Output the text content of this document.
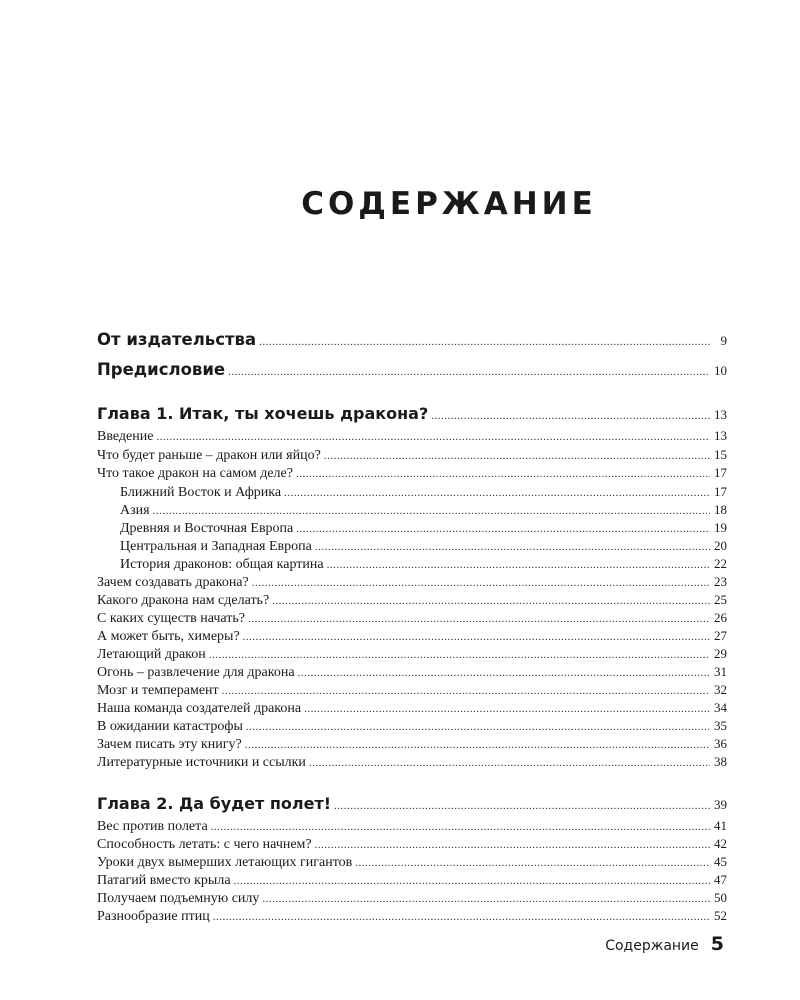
СОДЕРЖАНИЕ
От издательства .....	9
Предисловие .....	10
Глава 1. Итак, ты хочешь дракона? .....	13
Введение .....	13
Что будет раньше – дракон или яйцо? .....	15
Что такое дракон на самом деле? .....	17
Ближний Восток и Африка .....	17
Азия .....	18
Древняя и Восточная Европа .....	19
Центральная и Западная Европа .....	20
История драконов: общая картина .....	22
Зачем создавать дракона? .....	23
Какого дракона нам сделать? .....	25
С каких существ начать? .....	26
А может быть, химеры? .....	27
Летающий дракон .....	29
Огонь – развлечение для дракона .....	31
Мозг и темперамент .....	32
Наша команда создателей дракона .....	34
В ожидании катастрофы .....	35
Зачем писать эту книгу? .....	36
Литературные источники и ссылки .....	38
Глава 2. Да будет полет! .....	39
Вес против полета .....	41
Способность летать: с чего начнем? .....	42
Уроки двух вымерших летающих гигантов .....	45
Патагий вместо крыла .....	47
Получаем подъемную силу .....	50
Разнообразие птиц .....	52
Содержание 5
